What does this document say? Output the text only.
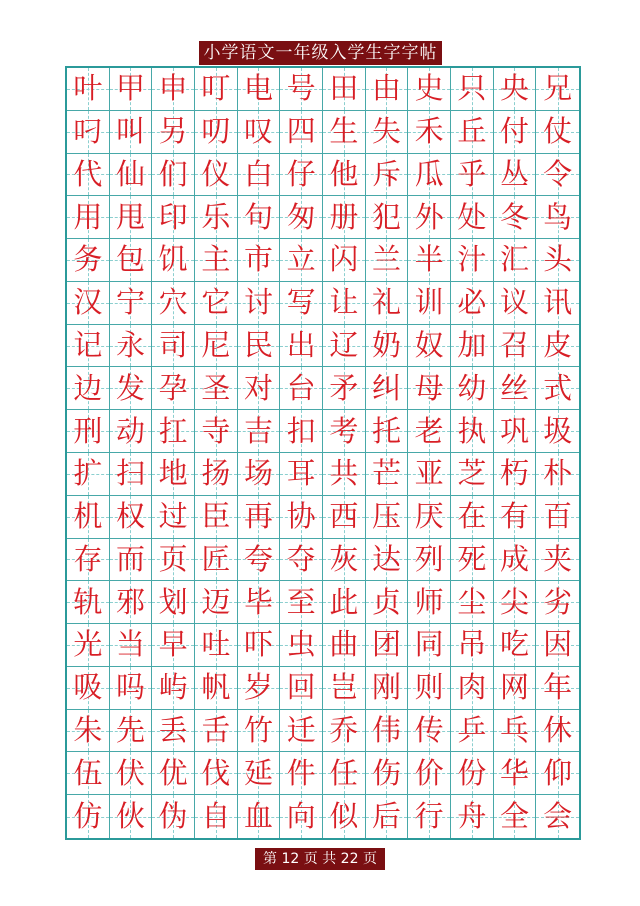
小学语文一年级入学生字字帖汇总
叶 甲 申 叮 电 号 田 由 史 只 央 兄
叼 叫 另 叨 叹 四 生 失 禾 丘 付 仗
代 仙 们 仪 白 仔 他 斥 瓜 乎 丛 令
用 甩 印 乐 句 匆 册 犯 外 处 冬 鸟
务 包 饥 主 市 立 闪 兰 半 汁 汇 头
汉 宁 穴 它 讨 写 让 礼 训 必 议 讯
记 永 司 尼 民 出 辽 奶 奴 加 召 皮
边 发 孕 圣 对 台 矛 纠 母 幼 丝 式
刑 动 扛 寺 吉 扣 考 托 老 执 巩 圾
扩 扫 地 扬 场 耳 共 芒 亚 芝 朽 朴
机 权 过 臣 再 协 西 压 厌 在 有 百
存 而 页 匠 夸 夺 灰 达 列 死 成 夹
轨 邪 划 迈 毕 至 此 贞 师 尘 尖 劣
光 当 早 吐 吓 虫 曲 团 同 吊 吃 因
吸 吗 屿 帆 岁 回 岂 刚 则 肉 网 年
朱 先 丢 舌 竹 迁 乔 伟 传 乒 乓 休
伍 伏 优 伐 延 件 任 伤 价 份 华 仰
仿 伙 伪 自 血 向 似 后 行 舟 全 会
第 12 页 共 22 页
